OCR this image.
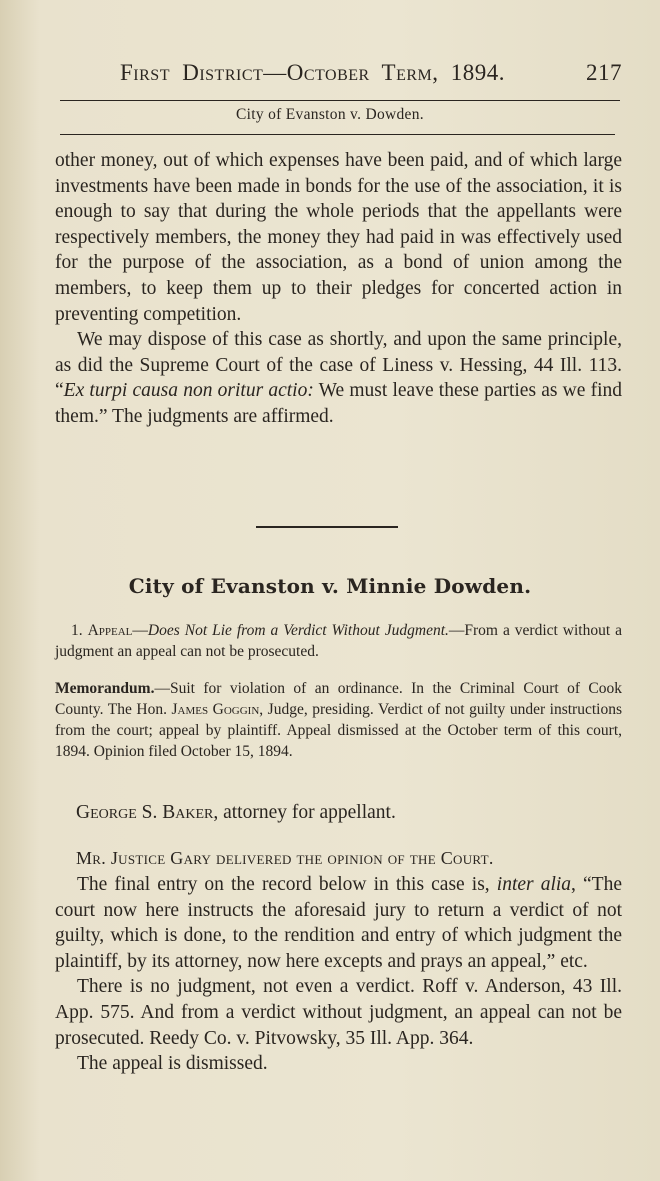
First District—October Term, 1894.	217
City of Evanston v. Dowden.

other money, out of which expenses have been paid, and of which large investments have been made in bonds for the use of the association, it is enough to say that during the whole periods that the appellants were respectively members, the money they had paid in was effectively used for the purpose of the association, as a bond of union among the members, to keep them up to their pledges for concerted action in preventing competition.

We may dispose of this case as shortly, and upon the same principle, as did the Supreme Court of the case of Liness v. Hessing, 44 Ill. 113. “Ex turpi causa non oritur actio: We must leave these parties as we find them.” The judgments are affirmed.

City of Evanston v. Minnie Dowden.

1. Appeal—Does Not Lie from a Verdict Without Judgment.—From a verdict without a judgment an appeal can not be prosecuted.

Memorandum.—Suit for violation of an ordinance. In the Criminal Court of Cook County. The Hon. James Goggin, Judge, presiding. Verdict of not guilty under instructions from the court; appeal by plaintiff. Appeal dismissed at the October term of this court, 1894. Opinion filed October 15, 1894.

George S. Baker, attorney for appellant.
Mr. Justice Gary delivered the opinion of the Court.

The final entry on the record below in this case is, inter alia, “The court now here instructs the aforesaid jury to return a verdict of not guilty, which is done, to the rendition and entry of which judgment the plaintiff, by its attorney, now here excepts and prays an appeal,” etc.

There is no judgment, not even a verdict. Roff v. Anderson, 43 Ill. App. 575. And from a verdict without judgment, an appeal can not be prosecuted. Reedy Co. v. Pitvowsky, 35 Ill. App. 364.

The appeal is dismissed.
